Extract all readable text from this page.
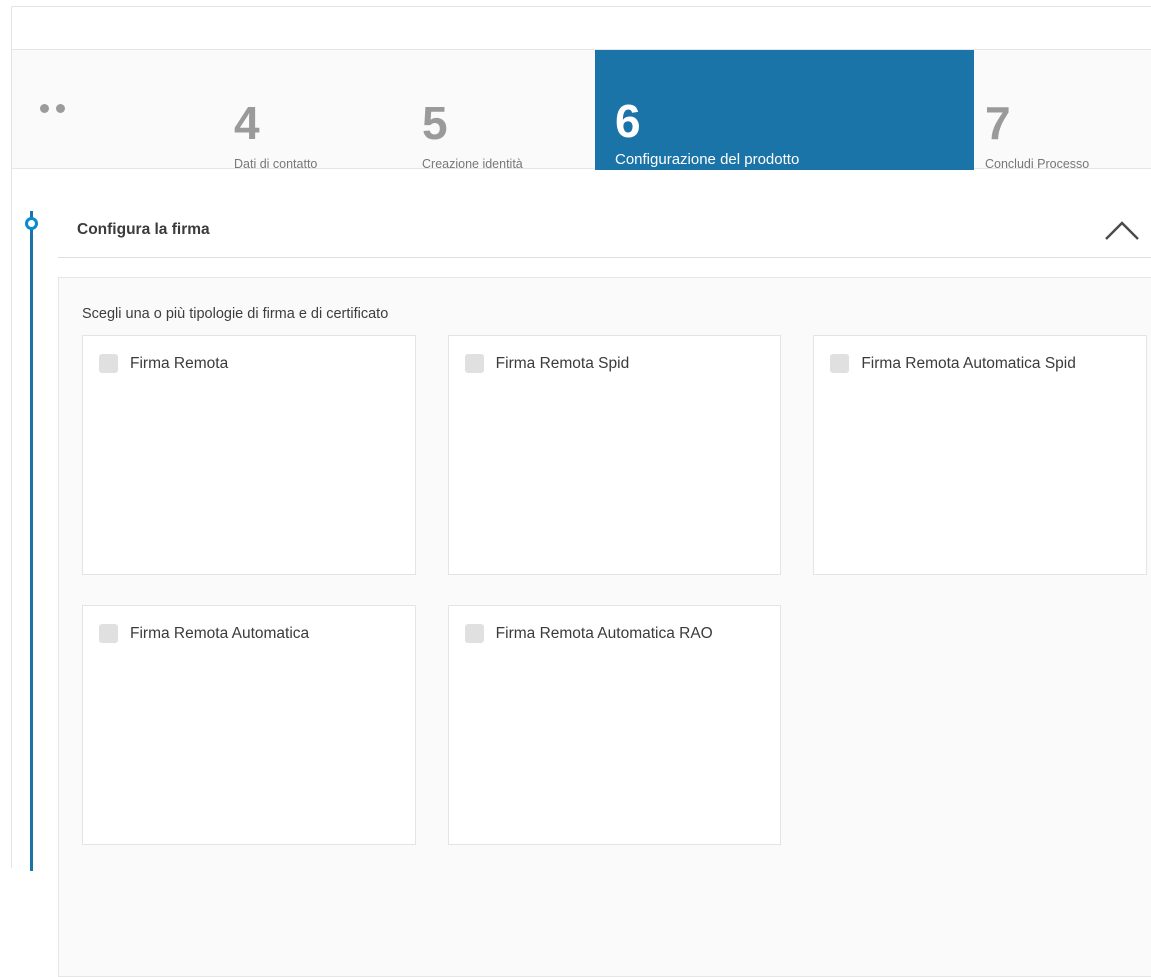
4
Dati di contatto
5
Creazione identità
6
Configurazione del prodotto
7
Concludi Processo
Configura la firma
Scegli una o più tipologie di firma e di certificato
Firma Remota	Firma Remota Spid	Firma Remota Automatica Spid
Firma Remota Automatica	Firma Remota Automatica RAO
